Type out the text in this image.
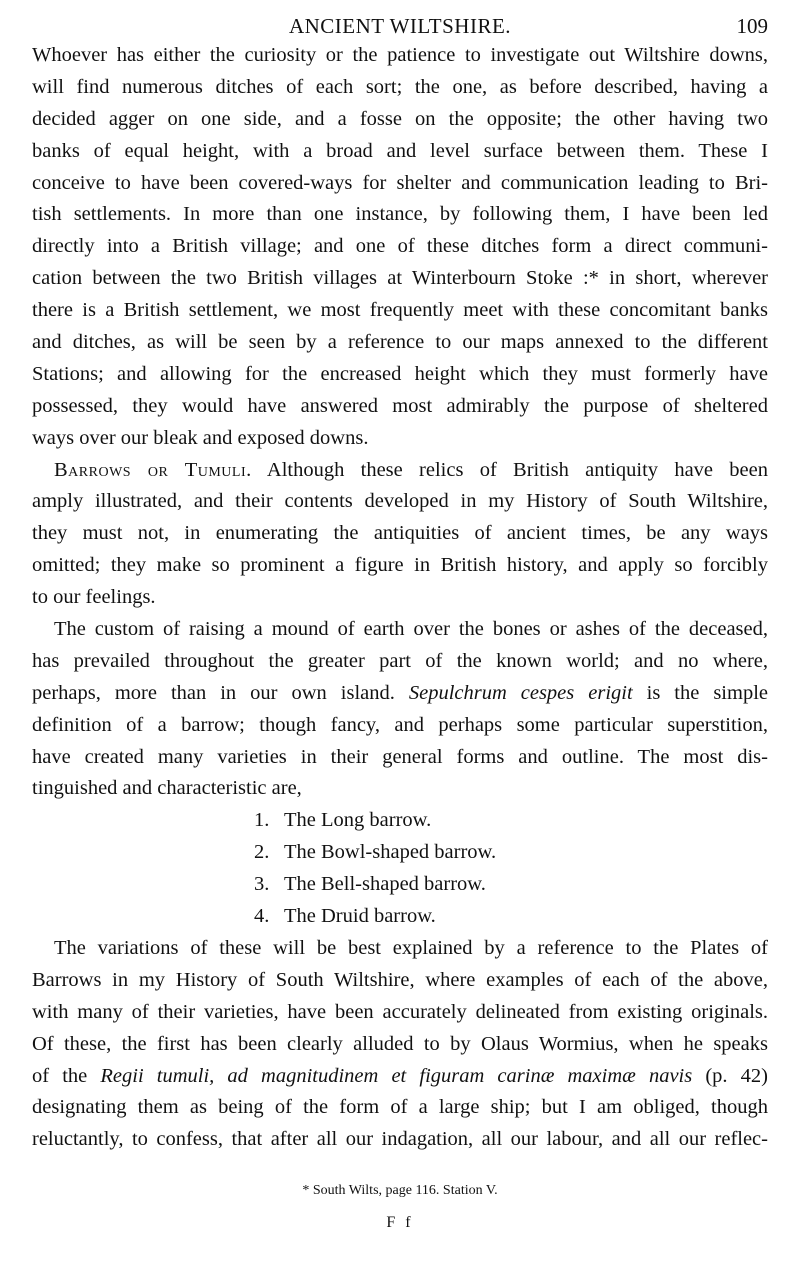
ANCIENT WILTSHIRE.	109
Whoever has either the curiosity or the patience to investigate out Wiltshire downs,
will find numerous ditches of each sort; the one, as before described, having a
decided agger on one side, and a fosse on the opposite; the other having two
banks of equal height, with a broad and level surface between them. These I
conceive to have been covered-ways for shelter and communication leading to Bri-
tish settlements. In more than one instance, by following them, I have been led
directly into a British village; and one of these ditches form a direct communi-
cation between the two British villages at Winterbourn Stoke :* in short, wherever
there is a British settlement, we most frequently meet with these concomitant banks
and ditches, as will be seen by a reference to our maps annexed to the different
Stations; and allowing for the encreased height which they must formerly have
possessed, they would have answered most admirably the purpose of sheltered
ways over our bleak and exposed downs.
Barrows or Tumuli. Although these relics of British antiquity have been
amply illustrated, and their contents developed in my History of South Wiltshire,
they must not, in enumerating the antiquities of ancient times, be any ways
omitted; they make so prominent a figure in British history, and apply so forcibly
to our feelings.
The custom of raising a mound of earth over the bones or ashes of the deceased,
has prevailed throughout the greater part of the known world; and no where,
perhaps, more than in our own island. Sepulchrum cespes erigit is the simple
definition of a barrow; though fancy, and perhaps some particular superstition,
have created many varieties in their general forms and outline. The most dis-
tinguished and characteristic are,
1. The Long barrow.
2. The Bowl-shaped barrow.
3. The Bell-shaped barrow.
4. The Druid barrow.
The variations of these will be best explained by a reference to the Plates of
Barrows in my History of South Wiltshire, where examples of each of the above,
with many of their varieties, have been accurately delineated from existing originals.
Of these, the first has been clearly alluded to by Olaus Wormius, when he speaks
of the Regii tumuli, ad magnitudinem et figuram carinæ maximæ navis (p. 42)
designating them as being of the form of a large ship; but I am obliged, though
reluctantly, to confess, that after all our indagation, all our labour, and all our reflec-
* South Wilts, page 116. Station V.
F f
